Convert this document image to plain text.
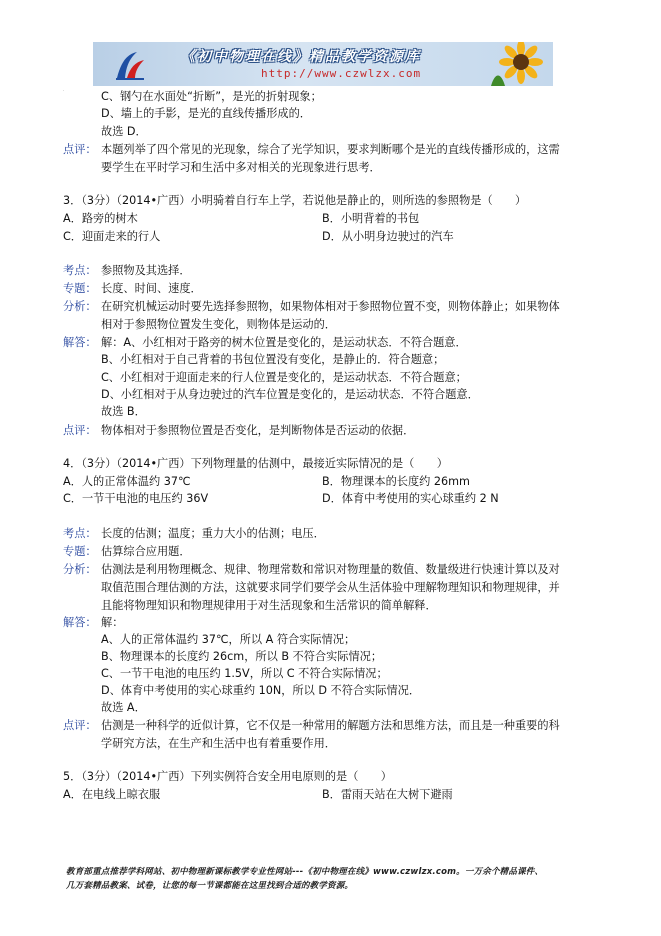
《初中物理在线》精品教学资源库
http://www.czwlzx.com
·	C、钢勺在水面处“折断”，是光的折射现象；
D、墙上的手影，是光的直线传播形成的．
故选 D．
点评： 本题列举了四个常见的光现象，综合了光学知识，要求判断哪个是光的直线传播形成的，这需
要学生在平时学习和生活中多对相关的光现象进行思考．
3．（3分）（2014•广西）小明骑着自行车上学，若说他是静止的，则所选的参照物是（　　）
A．路旁的树木	B．小明背着的书包
C．迎面走来的行人	D．从小明身边驶过的汽车
考点： 参照物及其选择．
专题： 长度、时间、速度．
分析： 在研究机械运动时要先选择参照物，如果物体相对于参照物位置不变，则物体静止；如果物体
相对于参照物位置发生变化，则物体是运动的．
解答： 解：A、小红相对于路旁的树木位置是变化的，是运动状态．不符合题意．
B、小红相对于自己背着的书包位置没有变化，是静止的．符合题意；
C、小红相对于迎面走来的行人位置是变化的，是运动状态．不符合题意；
D、小红相对于从身边驶过的汽车位置是变化的，是运动状态．不符合题意．
故选 B．
点评： 物体相对于参照物位置是否变化，是判断物体是否运动的依据．
4．（3分）（2014•广西）下列物理量的估测中，最接近实际情况的是（　　）
A．人的正常体温约 37℃	B．物理课本的长度约 26mm
C．一节干电池的电压约 36V	D．体育中考使用的实心球重约 2 N
考点： 长度的估测；温度；重力大小的估测；电压．
专题： 估算综合应用题．
分析： 估测法是利用物理概念、规律、物理常数和常识对物理量的数值、数量级进行快速计算以及对
取值范围合理估测的方法，这就要求同学们要学会从生活体验中理解物理知识和物理规律，并
且能将物理知识和物理规律用于对生活现象和生活常识的简单解释．
解答： 解：
A、人的正常体温约 37℃，所以 A 符合实际情况；
B、物理课本的长度约 26cm，所以 B 不符合实际情况；
C、一节干电池的电压约 1.5V，所以 C 不符合实际情况；
D、体育中考使用的实心球重约 10N，所以 D 不符合实际情况．
故选 A．
点评： 估测是一种科学的近似计算，它不仅是一种常用的解题方法和思维方法，而且是一种重要的科
学研究方法，在生产和生活中也有着重要作用．
5．（3分）（2014•广西）下列实例符合安全用电原则的是（　　）
A．在电线上晾衣服	B．雷雨天站在大树下避雨
教育部重点推荐学科网站、初中物理新课标教学专业性网站---《初中物理在线》www.czwlzx.com。一万余个精品课件、
几万套精品教案、试卷，让您的每一节课都能在这里找到合适的教学资源。
